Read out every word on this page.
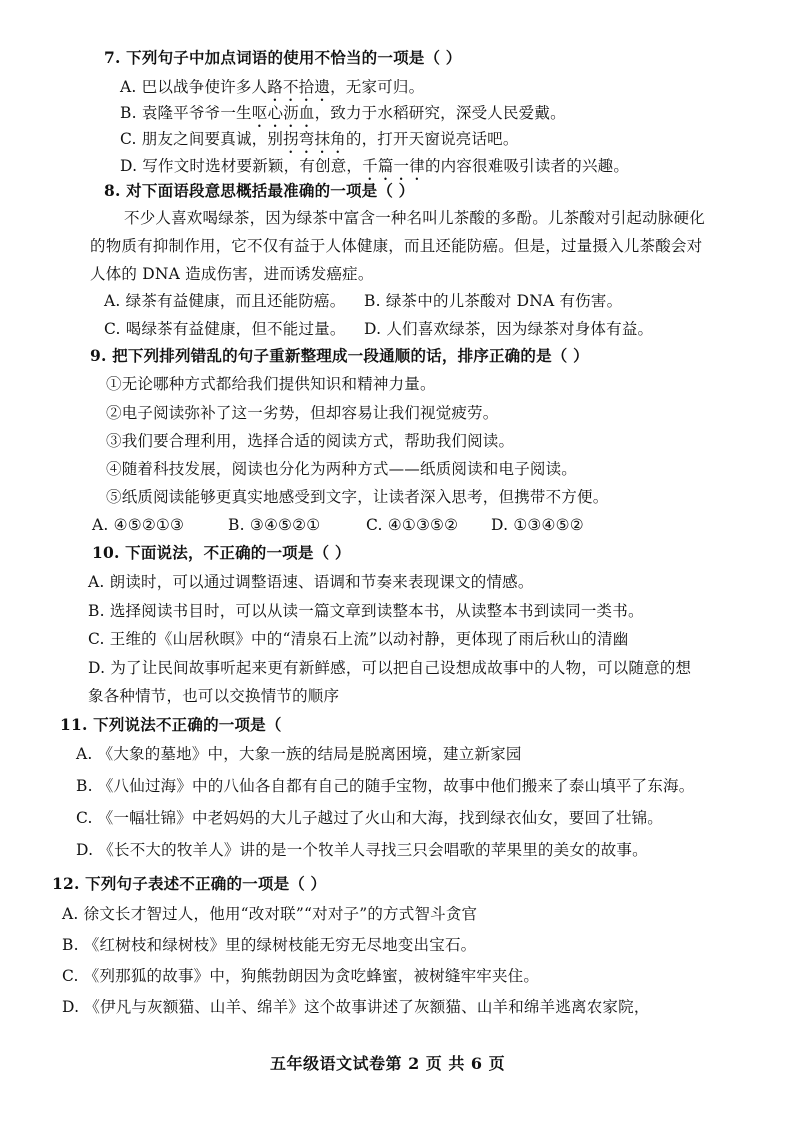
7. 下列句子中加点词语的使用不恰当的一项是（ ）
A. 巴以战争使许多人路不拾遗，无家可归。
B. 袁隆平爷爷一生呕心沥血，致力于水稻研究，深受人民爱戴。
C. 朋友之间要真诚，别拐弯抹角的，打开天窗说亮话吧。
D. 写作文时选材要新颖，有创意，千篇一律的内容很难吸引读者的兴趣。
8. 对下面语段意思概括最准确的一项是（ ）
不少人喜欢喝绿茶，因为绿茶中富含一种名叫儿茶酸的多酚。儿茶酸对引起动脉硬化
的物质有抑制作用，它不仅有益于人体健康，而且还能防癌。但是，过量摄入儿茶酸会对
人体的 DNA 造成伤害，进而诱发癌症。
A. 绿茶有益健康，而且还能防癌。 B. 绿茶中的儿茶酸对 DNA 有伤害。
C. 喝绿茶有益健康，但不能过量。 D. 人们喜欢绿茶，因为绿茶对身体有益。
9. 把下列排列错乱的句子重新整理成一段通顺的话，排序正确的是（ ）
①无论哪种方式都给我们提供知识和精神力量。
②电子阅读弥补了这一劣势，但却容易让我们视觉疲劳。
③我们要合理利用，选择合适的阅读方式，帮助我们阅读。
④随着科技发展，阅读也分化为两种方式——纸质阅读和电子阅读。
⑤纸质阅读能够更真实地感受到文字，让读者深入思考，但携带不方便。
A. ④⑤②①③	B. ③④⑤②①	C. ④①③⑤② D. ①③④⑤②
10. 下面说法，不正确的一项是（ ）
A. 朗读时，可以通过调整语速、语调和节奏来表现课文的情感。
B. 选择阅读书目时，可以从读一篇文章到读整本书，从读整本书到读同一类书。
C. 王维的《山居秋暝》中的“清泉石上流”以动衬静，更体现了雨后秋山的清幽
D. 为了让民间故事听起来更有新鲜感，可以把自己设想成故事中的人物，可以随意的想
象各种情节，也可以交换情节的顺序
11. 下列说法不正确的一项是（
A. 《大象的墓地》中，大象一族的结局是脱离困境，建立新家园
B. 《八仙过海》中的八仙各自都有自己的随手宝物，故事中他们搬来了泰山填平了东海。
C. 《一幅壮锦》中老妈妈的大儿子越过了火山和大海，找到绿衣仙女，要回了壮锦。
D. 《长不大的牧羊人》讲的是一个牧羊人寻找三只会唱歌的苹果里的美女的故事。
12. 下列句子表述不正确的一项是（ ）
A. 徐文长才智过人，他用“改对联”“对对子”的方式智斗贪官
B. 《红树枝和绿树枝》里的绿树枝能无穷无尽地变出宝石。
C. 《列那狐的故事》中，狗熊勃朗因为贪吃蜂蜜，被树缝牢牢夹住。
D. 《伊凡与灰额猫、山羊、绵羊》这个故事讲述了灰额猫、山羊和绵羊逃离农家院，
五年级语文试卷第 2 页 共 6 页
